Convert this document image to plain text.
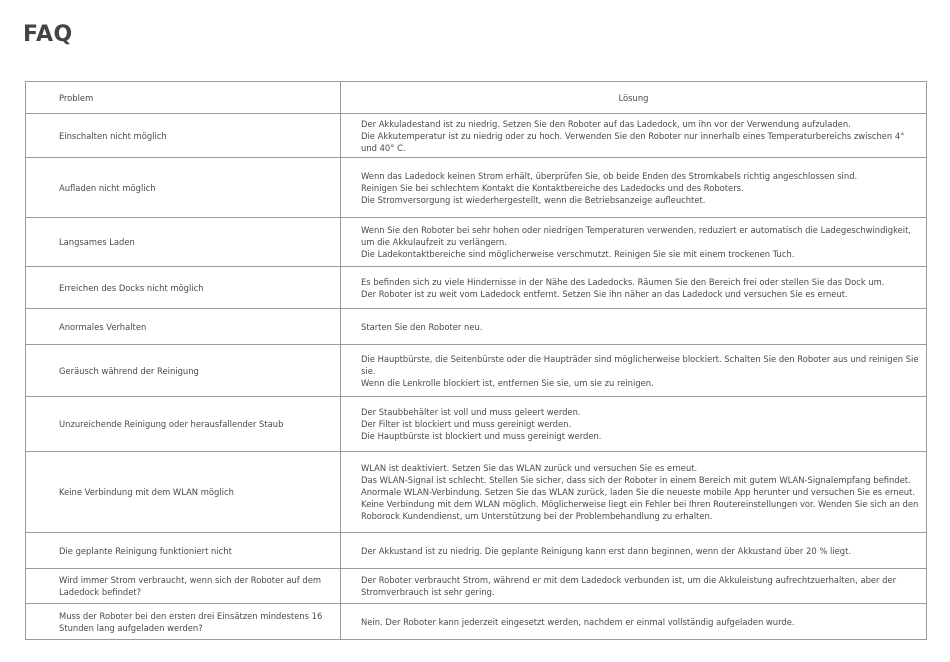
FAQ
Problem	Lösung
Einschalten nicht möglich	Der Akkuladestand ist zu niedrig. Setzen Sie den Roboter auf das Ladedock, um ihn vor der Verwendung aufzuladen.
Die Akkutemperatur ist zu niedrig oder zu hoch. Verwenden Sie den Roboter nur innerhalb eines Temperaturbereichs zwischen 4° und 40° C.

Aufladen nicht möglich	Wenn das Ladedock keinen Strom erhält, überprüfen Sie, ob beide Enden des Stromkabels richtig angeschlossen sind.
Reinigen Sie bei schlechtem Kontakt die Kontaktbereiche des Ladedocks und des Roboters.
Die Stromversorgung ist wiederhergestellt, wenn die Betriebsanzeige aufleuchtet.

Langsames Laden	Wenn Sie den Roboter bei sehr hohen oder niedrigen Temperaturen verwenden, reduziert er automatisch die Ladegeschwindigkeit, um die Akkulaufzeit zu verlängern.
Die Ladekontaktbereiche sind möglicherweise verschmutzt. Reinigen Sie sie mit einem trockenen Tuch.

Erreichen des Docks nicht möglich	Es befinden sich zu viele Hindernisse in der Nähe des Ladedocks. Räumen Sie den Bereich frei oder stellen Sie das Dock um.
Der Roboter ist zu weit vom Ladedock entfernt. Setzen Sie ihn näher an das Ladedock und versuchen Sie es erneut.

Anormales Verhalten	Starten Sie den Roboter neu.

Geräusch während der Reinigung	Die Hauptbürste, die Seitenbürste oder die Haupträder sind möglicherweise blockiert. Schalten Sie den Roboter aus und reinigen Sie sie.
Wenn die Lenkrolle blockiert ist, entfernen Sie sie, um sie zu reinigen.

Unzureichende Reinigung oder herausfallender Staub	Der Staubbehälter ist voll und muss geleert werden.
Der Filter ist blockiert und muss gereinigt werden.
Die Hauptbürste ist blockiert und muss gereinigt werden.

Keine Verbindung mit dem WLAN möglich	WLAN ist deaktiviert. Setzen Sie das WLAN zurück und versuchen Sie es erneut.
Das WLAN-Signal ist schlecht. Stellen Sie sicher, dass sich der Roboter in einem Bereich mit gutem WLAN-Signalempfang befindet.
Anormale WLAN-Verbindung. Setzen Sie das WLAN zurück, laden Sie die neueste mobile App herunter und versuchen Sie es erneut.
Keine Verbindung mit dem WLAN möglich. Möglicherweise liegt ein Fehler bei Ihren Routereinstellungen vor. Wenden Sie sich an den Roborock Kundendienst, um Unterstützung bei der Problembehandlung zu erhalten.

Die geplante Reinigung funktioniert nicht	Der Akkustand ist zu niedrig. Die geplante Reinigung kann erst dann beginnen, wenn der Akkustand über 20 % liegt.

Wird immer Strom verbraucht, wenn sich der Roboter auf dem Ladedock befindet?	Der Roboter verbraucht Strom, während er mit dem Ladedock verbunden ist, um die Akkuleistung aufrechtzuerhalten, aber der Stromverbrauch ist sehr gering.

Muss der Roboter bei den ersten drei Einsätzen mindestens 16 Stunden lang aufgeladen werden?	Nein. Der Roboter kann jederzeit eingesetzt werden, nachdem er einmal vollständig aufgeladen wurde.
